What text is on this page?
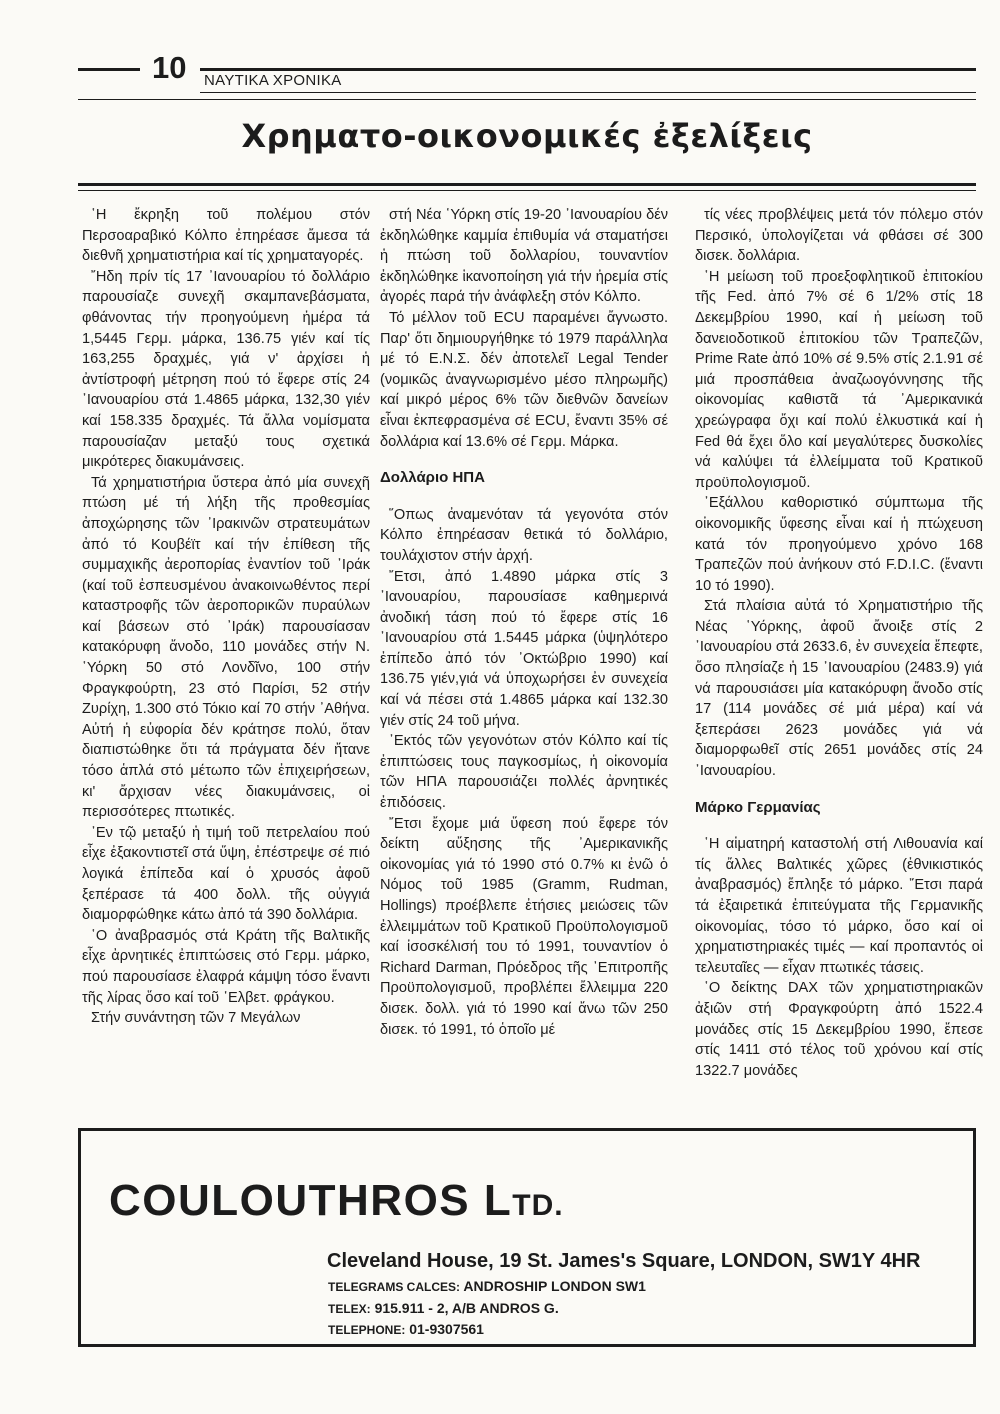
10 ΝΑΥΤΙΚΑ ΧΡΟΝΙΚΑ
Χρηματο-οικονομικές ἐξελίξεις

῾Η ἔκρηξη τοῦ πολέμου στόν Περσοαραβικό Κόλπο ἐπηρέασε ἄμεσα τά διεθνῆ χρηματιστήρια καί τίς χρηματαγορές.

῎Ηδη πρίν τίς 17 ᾿Ιανουαρίου τό δολλάριο παρουσίαζε συνεχῆ σκαμπανεβάσματα, φθάνοντας τήν προηγούμενη ἡμέρα τά 1,5445 Γερμ. μάρκα, 136.75 γιέν καί τίς 163,255 δραχμές, γιά ν' ἀρχίσει ἡ ἀντίστροφή μέτρηση πού τό ἔφερε στίς 24 ᾿Ιανουαρίου στά 1.4865 μάρκα, 132,30 γιέν καί 158.335 δραχμές. Τά ἄλλα νομίσματα παρουσίαζαν μεταξύ τους σχετικά μικρότερες διακυμάνσεις.

Τά χρηματιστήρια ὕστερα ἀπό μία συνεχῆ πτώση μέ τή λήξη τῆς προθεσμίας ἀποχώρησης τῶν ᾿Ιρακινῶν στρατευμάτων ἀπό τό Κουβέϊτ καί τήν ἐπίθεση τῆς συμμαχικῆς ἀεροπορίας ἐναντίον τοῦ ᾿Ιράκ (καί τοῦ ἐσπευσμένου ἀνακοινωθέντος περί καταστροφῆς τῶν ἀεροπορικῶν πυραύλων καί βάσεων στό ᾿Ιράκ) παρουσίασαν κατακόρυφη ἄνοδο, 110 μονάδες στήν Ν. ῾Υόρκη 50 στό Λονδῖνο, 100 στήν Φραγκφούρτη, 23 στό Παρίσι, 52 στήν Ζυρίχη, 1.300 στό Τόκιο καί 70 στήν ᾿Αθήνα. Αὐτή ἡ εὐφορία δέν κράτησε πολύ, ὅταν διαπιστώθηκε ὅτι τά πράγματα δέν ἤτανε τόσο ἁπλά στό μέτωπο τῶν ἐπιχειρήσεων, κι' ἄρχισαν νέες διακυμάνσεις, οἱ περισσότερες πτωτικές.

᾿Εν τῷ μεταξύ ἡ τιμή τοῦ πετρελαίου πού εἶχε ἐξακοντιστεῖ στά ὕψη, ἐπέστρεψε σέ πιό λογικά ἐπίπεδα καί ὁ χρυσός ἀφοῦ ξεπέρασε τά 400 δολλ. τῆς οὐγγιά διαμορφώθηκε κάτω ἀπό τά 390 δολλάρια.

῾Ο ἀναβρασμός στά Κράτη τῆς Βαλτικῆς εἶχε ἀρνητικές ἐπιπτώσεις στό Γερμ. μάρκο, πού παρουσίασε ἐλαφρά κάμψη τόσο ἔναντι τῆς λίρας ὅσο καί τοῦ ῾Ελβετ. φράγκου.

Στήν συνάντηση τῶν 7 Μεγάλων

στή Νέα ῾Υόρκη στίς 19-20 ᾿Ιανουαρίου δέν ἐκδηλώθηκε καμμία ἐπιθυμία νά σταματήσει ἡ πτώση τοῦ δολλαρίου, τουναντίον ἐκδηλώθηκε ἱκανοποίηση γιά τήν ἠρεμία στίς ἀγορές παρά τήν ἀνάφλεξη στόν Κόλπο.

Τό μέλλον τοῦ ECU παραμένει ἄγνωστο. Παρ' ὅτι δημιουργήθηκε τό 1979 παράλληλα μέ τό Ε.Ν.Σ. δέν ἀποτελεῖ Legal Tender (νομικῶς ἀναγνωρισμένο μέσο πληρωμῆς) καί μικρό μέρος 6% τῶν διεθνῶν δανείων εἶναι ἐκπεφρασμένα σέ ECU, ἔναντι 35% σέ δολλάρια καί 13.6% σέ Γερμ. Μάρκα.

Δολλάριο ΗΠΑ

῞Οπως ἀναμενόταν τά γεγονότα στόν Κόλπο ἐπηρέασαν θετικά τό δολλάριο, τουλάχιστον στήν ἀρχή.

῎Ετσι, ἀπό 1.4890 μάρκα στίς 3 ᾿Ιανουαρίου, παρουσίασε καθημερινά ἀνοδική τάση πού τό ἔφερε στίς 16 ᾿Ιανουαρίου στά 1.5445 μάρκα (ὑψηλότερο ἐπίπεδο ἀπό τόν ᾿Οκτώβριο 1990) καί 136.75 γιέν,γιά νά ὑποχωρήσει ἐν συνεχεία καί νά πέσει στά 1.4865 μάρκα καί 132.30 γιέν στίς 24 τοῦ μήνα.

᾿Εκτός τῶν γεγονότων στόν Κόλπο καί τίς ἐπιπτώσεις τους παγκοσμίως, ἡ οἰκονομία τῶν ΗΠΑ παρουσιάζει πολλές ἀρνητικές ἐπιδόσεις.

῎Ετσι ἔχομε μιά ὕφεση πού ἔφερε τόν δείκτη αὔξησης τῆς ᾿Αμερικανικῆς οἰκονομίας γιά τό 1990 στό 0.7% κι ἐνῶ ὁ Νόμος τοῦ 1985 (Gramm, Rudman, Hollings) προέβλεπε ἐτήσιες μειώσεις τῶν ἐλλειμμάτων τοῦ Κρατικοῦ Προϋπολογισμοῦ καί ἰσοσκέλισή του τό 1991, τουναντίον ὁ Richard Darman, Πρόεδρος τῆς ᾿Επιτροπῆς Προϋπολογισμοῦ, προβλέπει ἔλλειμμα 220 δισεκ. δολλ. γιά τό 1990 καί ἄνω τῶν 250 δισεκ. τό 1991, τό ὁποῖο μέ

τίς νέες προβλέψεις μετά τόν πόλεμο στόν Περσικό, ὑπολογίζεται νά φθάσει σέ 300 δισεκ. δολλάρια.

῾Η μείωση τοῦ προεξοφλητικοῦ ἐπιτοκίου τῆς Fed. ἀπό 7% σέ 6 1/2% στίς 18 Δεκεμβρίου 1990, καί ἡ μείωση τοῦ δανειοδοτικοῦ ἐπιτοκίου τῶν Τραπεζῶν, Prime Rate ἀπό 10% σέ 9.5% στίς 2.1.91 σέ μιά προσπάθεια ἀναζωογόννησης τῆς οἰκονομίας καθιστᾶ τά ᾿Αμερικανικά χρεώγραφα ὄχι καί πολύ ἑλκυστικά καί ἡ Fed θά ἔχει ὅλο καί μεγαλύτερες δυσκολίες νά καλύψει τά ἐλλείμματα τοῦ Κρατικοῦ προϋπολογισμοῦ.

᾿Εξάλλου καθοριστικό σύμπτωμα τῆς οἰκονομικῆς ὕφεσης εἶναι καί ἡ πτώχευση κατά τόν προηγούμενο χρόνο 168 Τραπεζῶν πού ἀνήκουν στό F.D.I.C. (ἔναντι 10 τό 1990).

Στά πλαίσια αὐτά τό Χρηματιστήριο τῆς Νέας ῾Υόρκης, ἀφοῦ ἄνοιξε στίς 2 ᾿Ιανουαρίου στά 2633.6, ἐν συνεχεία ἔπεφτε, ὅσο πλησίαζε ἡ 15 ᾿Ιανουαρίου (2483.9) γιά νά παρουσιάσει μία κατακόρυφη ἄνοδο στίς 17 (114 μονάδες σέ μιά μέρα) καί νά ξεπεράσει 2623 μονάδες γιά νά διαμορφωθεῖ στίς 2651 μονάδες στίς 24 ᾿Ιανουαρίου.

Μάρκο Γερμανίας

῾Η αἱματηρή καταστολή στή Λιθουανία καί τίς ἄλλες Βαλτικές χῶρες (ἐθνικιστικός ἀναβρασμός) ἔπληξε τό μάρκο. ῎Ετσι παρά τά ἐξαιρετικά ἐπιτεύγματα τῆς Γερμανικῆς οἰκονομίας, τόσο τό μάρκο, ὅσο καί οἱ χρηματιστηριακές τιμές — καί προπαντός οἱ τελευταῖες — εἶχαν πτωτικές τάσεις.

῾Ο δείκτης DAX τῶν χρηματιστηριακῶν ἀξιῶν στή Φραγκφούρτη ἀπό 1522.4 μονάδες στίς 15 Δεκεμβρίου 1990, ἔπεσε στίς 1411 στό τέλος τοῦ χρόνου καί στίς 1322.7 μονάδες

COULOUTHROS LTD.
Cleveland House, 19 St. James's Square, LONDON, SW1Y 4HR
TELEGRAMS CALCES: ANDROSHIP LONDON SW1
TELEX: 915.911 - 2, A/B ANDROS G.
TELEPHONE: 01-9307561
